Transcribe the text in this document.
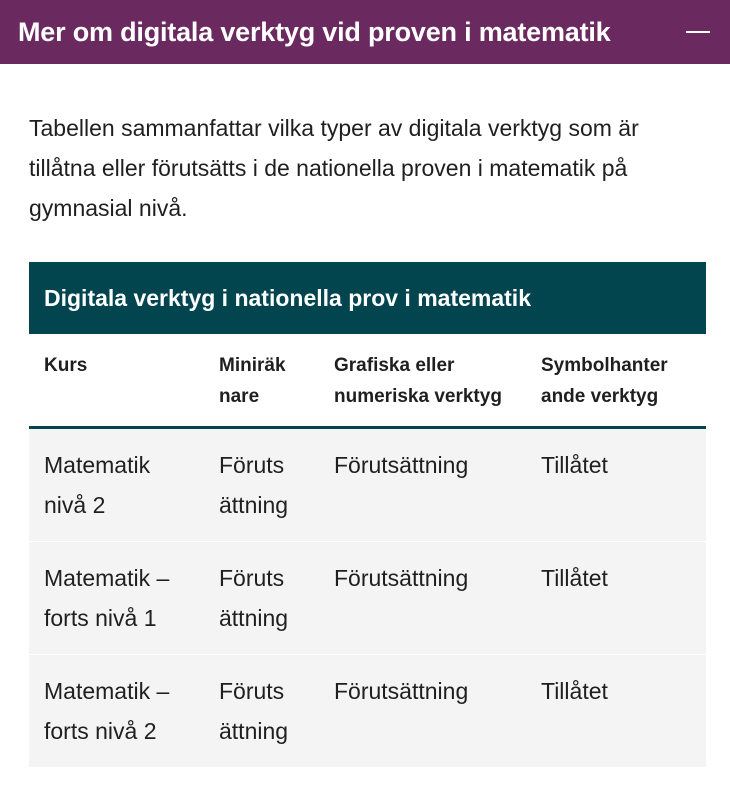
Mer om digitala verktyg vid proven i matematik

Tabellen sammanfattar vilka typer av digitala verktyg som är tillåtna eller förutsätts i de nationella proven i matematik på gymnasial nivå.

Digitala verktyg i nationella prov i matematik
Kurs	Miniräk nare	Grafiska eller numeriska verktyg	Symbolhanter ande verktyg
Matematik nivå 2	Föruts ättning	Förutsättning	Tillåtet
Matematik – forts nivå 1	Föruts ättning	Förutsättning	Tillåtet
Matematik – forts nivå 2	Föruts ättning	Förutsättning	Tillåtet
